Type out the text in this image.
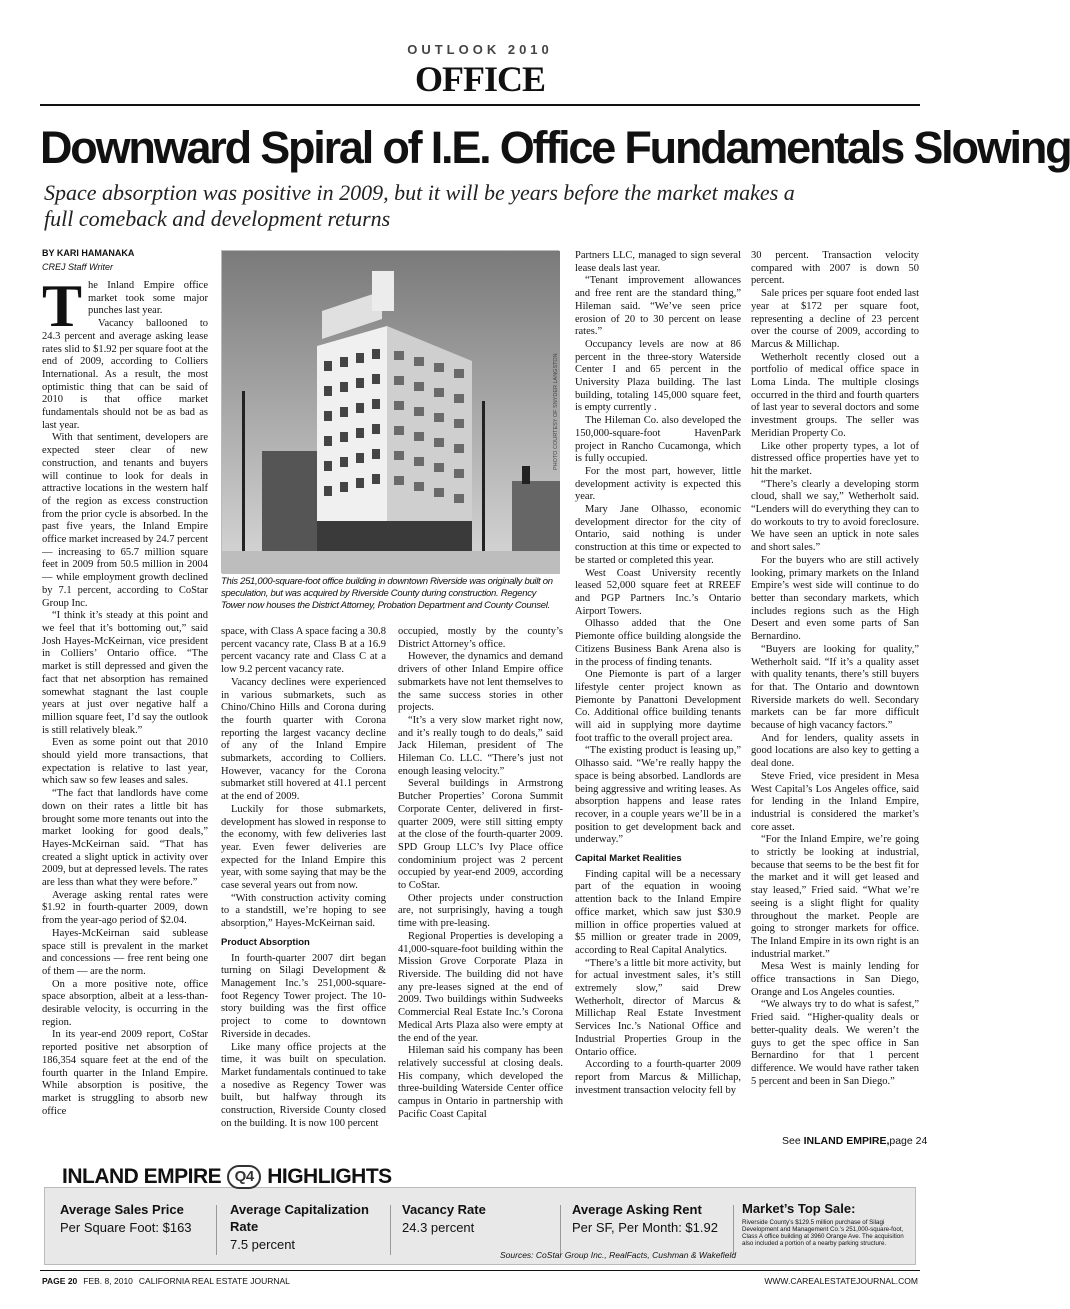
OUTLOOK 2010
OFFICE
Downward Spiral of I.E. Office Fundamentals Slowing
Space absorption was positive in 2009, but it will be years before the market makes a full comeback and development returns
BY KARI HAMANAKA
CREJ Staff Writer
T he Inland Empire office market took some major punches last year.

Vacancy ballooned to 24.3 percent and average asking lease rates slid to $1.92 per square foot at the end of 2009, according to Colliers International. As a result, the most optimistic thing that can be said of 2010 is that office market fundamentals should not be as bad as last year.

With that sentiment, developers are expected steer clear of new construction, and tenants and buyers will continue to look for deals in attractive locations in the western half of the region as excess construction from the prior cycle is absorbed. In the past five years, the Inland Empire office market increased by 24.7 percent — increasing to 65.7 million square feet in 2009 from 50.5 million in 2004 — while employment growth declined by 7.1 percent, according to CoStar Group Inc.

“I think it’s steady at this point and we feel that it’s bottoming out,” said Josh Hayes-McKeirnan, vice president in Colliers’ Ontario office. “The market is still depressed and given the fact that net absorption has remained somewhat stagnant the last couple years at just over negative half a million square feet, I’d say the outlook is still relatively bleak.”

Even as some point out that 2010 should yield more transactions, that expectation is relative to last year, which saw so few leases and sales.

“The fact that landlords have come down on their rates a little bit has brought some more tenants out into the market looking for good deals,” Hayes-McKeirnan said. “That has created a slight uptick in activity over 2009, but at depressed levels. The rates are less than what they were before.”

Average asking rental rates were $1.92 in fourth-quarter 2009, down from the year-ago period of $2.04.

Hayes-McKeirnan said sublease space still is prevalent in the market and concessions — free rent being one of them — are the norm.

On a more positive note, office space absorption, albeit at a less-than- desirable velocity, is occurring in the region.

In its year-end 2009 report, CoStar reported positive net absorption of 186,354 square feet at the end of the fourth quarter in the Inland Empire. While absorption is positive, the market is struggling to absorb new office

PHOTO COURTESY OF SNYDER LANGSTON
This 251,000-square-foot office building in downtown Riverside was originally built on speculation, but was acquired by Riverside County during construction. Regency Tower now houses the District Attorney, Probation Department and County Counsel.

space, with Class A space facing a 30.8 percent vacancy rate, Class B at a 16.9 percent vacancy rate and Class C at a low 9.2 percent vacancy rate.

Vacancy declines were experienced in various submarkets, such as Chino/Chino Hills and Corona during the fourth quarter with Corona reporting the largest vacancy decline of any of the Inland Empire submarkets, according to Colliers. However, vacancy for the Corona submarket still hovered at 41.1 percent at the end of 2009.

Luckily for those submarkets, development has slowed in response to the economy, with few deliveries last year. Even fewer deliveries are expected for the Inland Empire this year, with some saying that may be the case several years out from now.

“With construction activity coming to a standstill, we’re hoping to see absorption,” Hayes-McKeirnan said.

Product Absorption

In fourth-quarter 2007 dirt began turning on Silagi Development & Management Inc.’s 251,000-square-foot Regency Tower project. The 10-story building was the first office project to come to downtown Riverside in decades.

Like many office projects at the time, it was built on speculation. Market fundamentals continued to take a nosedive as Regency Tower was built, but halfway through its construction, Riverside County closed on the building. It is now 100 percent

occupied, mostly by the county’s District Attorney’s office.

However, the dynamics and demand drivers of other Inland Empire office submarkets have not lent themselves to the same success stories in other projects.

“It’s a very slow market right now, and it’s really tough to do deals,” said Jack Hileman, president of The Hileman Co. LLC. “There’s just not enough leasing velocity.”

Several buildings in Armstrong Butcher Properties’ Corona Summit Corporate Center, delivered in first-quarter 2009, were still sitting empty at the close of the fourth-quarter 2009. SPD Group LLC’s Ivy Place office condominium project was 2 percent occupied by year-end 2009, according to CoStar.

Other projects under construction are, not surprisingly, having a tough time with pre-leasing.

Regional Properties is developing a 41,000-square-foot building within the Mission Grove Corporate Plaza in Riverside. The building did not have any pre-leases signed at the end of 2009. Two buildings within Sudweeks Commercial Real Estate Inc.’s Corona Medical Arts Plaza also were empty at the end of the year.

Hileman said his company has been relatively successful at closing deals. His company, which developed the three-building Waterside Center office campus in Ontario in partnership with Pacific Coast Capital

Partners LLC, managed to sign several lease deals last year.

“Tenant improvement allowances and free rent are the standard thing,” Hileman said. “We’ve seen price erosion of 20 to 30 percent on lease rates.”

Occupancy levels are now at 86 percent in the three-story Waterside Center I and 65 percent in the University Plaza building. The last building, totaling 145,000 square feet, is empty currently .

The Hileman Co. also developed the 150,000-square-foot HavenPark project in Rancho Cucamonga, which is fully occupied.

For the most part, however, little development activity is expected this year.

Mary Jane Olhasso, economic development director for the city of Ontario, said nothing is under construction at this time or expected to be started or completed this year.

West Coast University recently leased 52,000 square feet at RREEF and PGP Partners Inc.’s Ontario Airport Towers.

Olhasso added that the One Piemonte office building alongside the Citizens Business Bank Arena also is in the process of finding tenants.

One Piemonte is part of a larger lifestyle center project known as Piemonte by Panattoni Development Co. Additional office building tenants will aid in supplying more daytime foot traffic to the overall project area.

“The existing product is leasing up,” Olhasso said. “We’re really happy the space is being absorbed. Landlords are being aggressive and writing leases. As absorption happens and lease rates recover, in a couple years we’ll be in a position to get development back and underway.”

Capital Market Realities

Finding capital will be a necessary part of the equation in wooing attention back to the Inland Empire office market, which saw just $30.9 million in office properties valued at $5 million or greater trade in 2009, according to Real Capital Analytics.

“There’s a little bit more activity, but for actual investment sales, it’s still extremely slow,” said Drew Wetherholt, director of Marcus & Millichap Real Estate Investment Services Inc.’s National Office and Industrial Properties Group in the Ontario office.

According to a fourth-quarter 2009 report from Marcus & Millichap, investment transaction velocity fell by

30 percent. Transaction velocity compared with 2007 is down 50 percent.

Sale prices per square foot ended last year at $172 per square foot, representing a decline of 23 percent over the course of 2009, according to Marcus & Millichap.

Wetherholt recently closed out a portfolio of medical office space in Loma Linda. The multiple closings occurred in the third and fourth quarters of last year to several doctors and some investment groups. The seller was Meridian Property Co.

Like other property types, a lot of distressed office properties have yet to hit the market.

“There’s clearly a developing storm cloud, shall we say,” Wetherholt said. “Lenders will do everything they can to do workouts to try to avoid foreclosure. We have seen an uptick in note sales and short sales.”

For the buyers who are still actively looking, primary markets on the Inland Empire’s west side will continue to do better than secondary markets, which includes regions such as the High Desert and even some parts of San Bernardino.

“Buyers are looking for quality,” Wetherholt said. “If it’s a quality asset with quality tenants, there’s still buyers for that. The Ontario and downtown Riverside markets do well. Secondary markets can be far more difficult because of high vacancy factors.”

And for lenders, quality assets in good locations are also key to getting a deal done.

Steve Fried, vice president in Mesa West Capital’s Los Angeles office, said for lending in the Inland Empire, industrial is considered the market’s core asset.

“For the Inland Empire, we’re going to strictly be looking at industrial, because that seems to be the best fit for the market and it will get leased and stay leased,” Fried said. “What we’re seeing is a slight flight for quality throughout the market. People are going to stronger markets for office. The Inland Empire in its own right is an industrial market.”

Mesa West is mainly lending for office transactions in San Diego, Orange and Los Angeles counties.

“We always try to do what is safest,” Fried said. “Higher-quality deals or better-quality deals. We weren’t the guys to get the spec office in San Bernardino for that 1 percent difference. We would have rather taken 5 percent and been in San Diego.”

See INLAND EMPIRE,page 24
INLAND EMPIRE Q4 HIGHLIGHTS
Average Sales Price
Per Square Foot: $163
Average Capitalization Rate
7.5 percent
Vacancy Rate
24.3 percent
Average Asking Rent
Per SF, Per Month: $1.92
Market’s Top Sale:
Riverside County’s $129.5 million purchase of Silagi Development and Management Co.’s 251,000-square-foot, Class A office building at 3960 Orange Ave. The acquisition also included a portion of a nearby parking structure.
Sources: CoStar Group Inc., RealFacts, Cushman & Wakefield
PAGE 20 FEB. 8, 2010 CALIFORNIA REAL ESTATE JOURNAL	WWW.CAREALESTATEJOURNAL.COM
